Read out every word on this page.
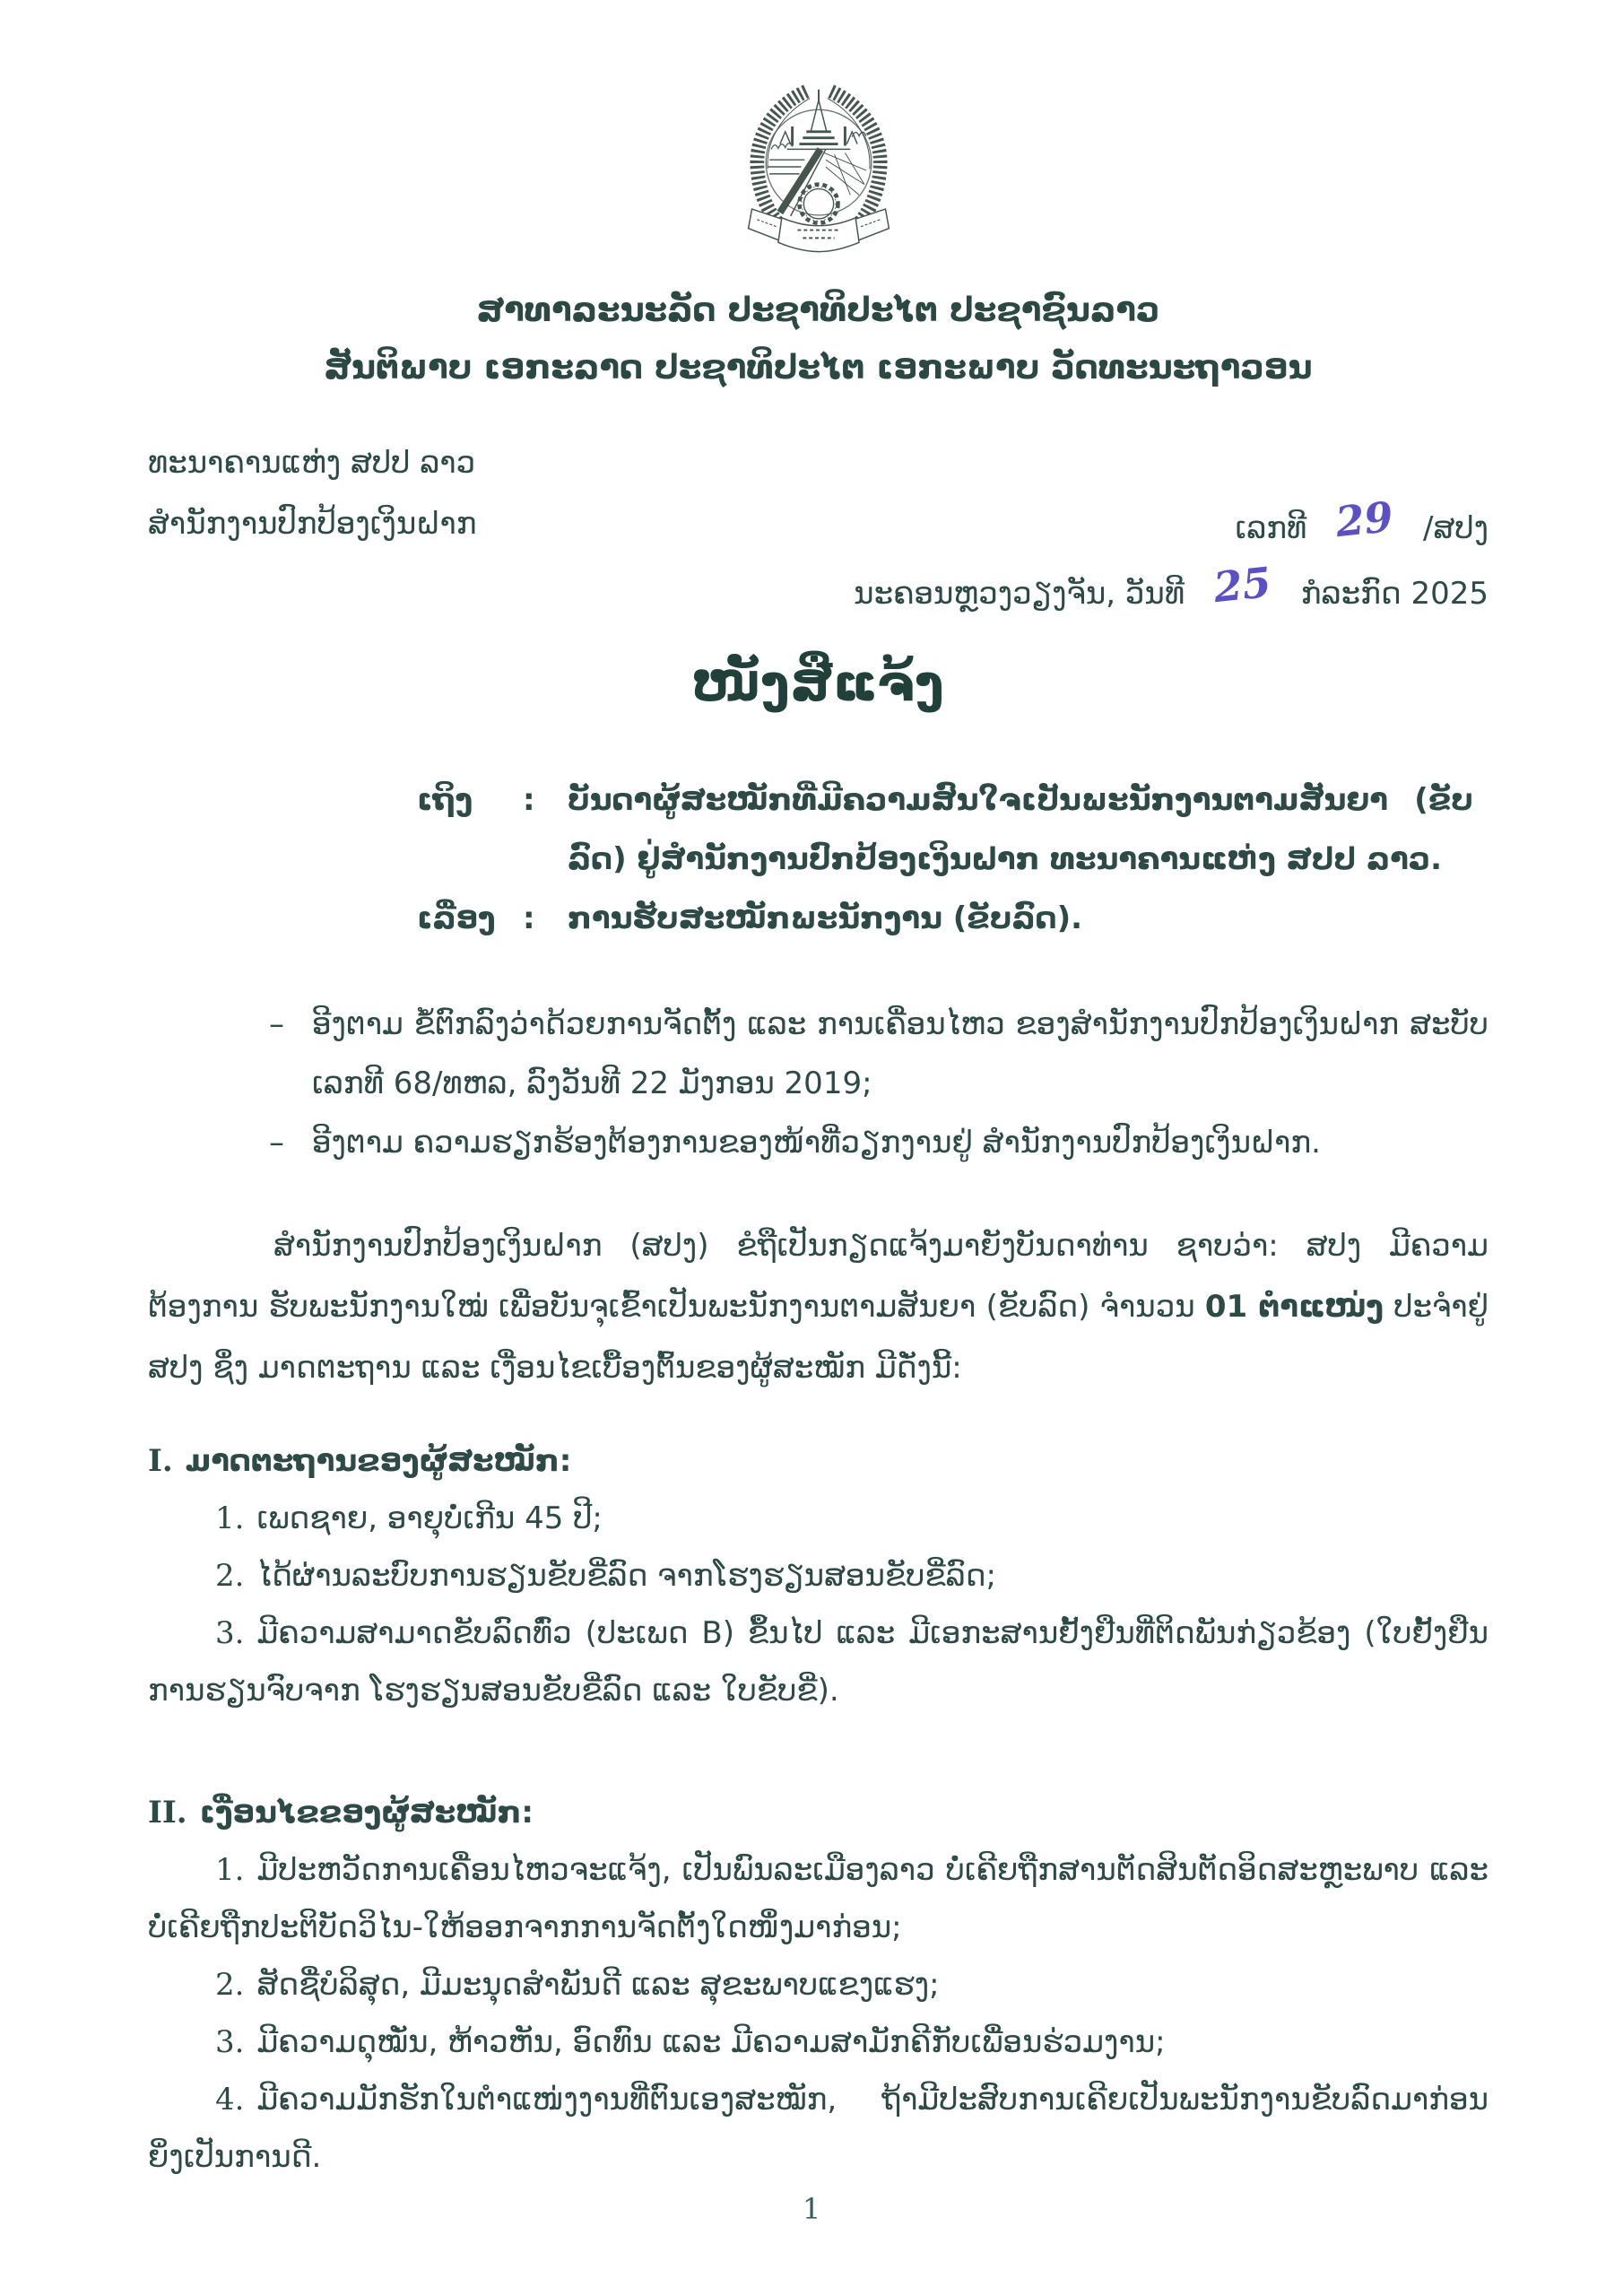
ສາທາລະນະລັດ ປະຊາທິປະໄຕ ປະຊາຊົນລາວ
ສັນຕິພາບ ເອກະລາດ ປະຊາທິປະໄຕ ເອກະພາບ ວັດທະນະຖາວອນ
ທະນາຄານແຫ່ງ ສປປ ລາວ
ສຳນັກງານປົກປ້ອງເງິນຝາກ	ເລກທີ 29 /ສປງ
ນະຄອນຫຼວງວຽງຈັນ, ວັນທີ 25 ກໍລະກົດ 2025
ໜັງສືແຈ້ງ
ເຖິງ	:	ບັນດາຜູ້ສະໝັກທີ່ມີຄວາມສົນໃຈເປັນພະນັກງານຕາມສັນຍາ (ຂັບລົດ) ຢູ່ສຳນັກງານປົກປ້ອງເງິນຝາກ ທະນາຄານແຫ່ງ ສປປ ລາວ.
ເລື່ອງ :	ການຮັບສະໝັກພະນັກງານ (ຂັບລົດ).
– ອີງຕາມ ຂໍ້ຕົກລົງວ່າດ້ວຍການຈັດຕັ້ງ ແລະ ການເຄື່ອນໄຫວ ຂອງສຳນັກງານປົກປ້ອງເງິນຝາກ ສະບັບເລກທີ 68/ທຫລ, ລົງວັນທີ 22 ມັງກອນ 2019;
– ອີງຕາມ ຄວາມຮຽກຮ້ອງຕ້ອງການຂອງໜ້າທີ່ວຽກງານຢູ່ ສຳນັກງານປົກປ້ອງເງິນຝາກ.

ສຳນັກງານປົກປ້ອງເງິນຝາກ (ສປງ) ຂໍຖືເປັນກຽດແຈ້ງມາຍັງບັນດາທ່ານ ຊາບວ່າ: ສປງ ມີຄວາມຕ້ອງການ ຮັບພະນັກງານໃໝ່ ເພື່ອບັນຈຸເຂົ້າເປັນພະນັກງານຕາມສັນຍາ (ຂັບລົດ) ຈຳນວນ 01 ຕຳແໜ່ງ ປະຈຳຢູ່ ສປງ ຊຶ່ງ ມາດຕະຖານ ແລະ ເງື່ອນໄຂເບື້ອງຕົ້ນຂອງຜູ້ສະໝັກ ມີດັ່ງນີ້:

I. ມາດຕະຖານຂອງຜູ້ສະໝັກ:

1. ເພດຊາຍ, ອາຍຸບໍ່ເກີນ 45 ປີ;

2. ໄດ້ຜ່ານລະບົບການຮຽນຂັບຂີ່ລົດ ຈາກໂຮງຮຽນສອນຂັບຂີ່ລົດ;

3. ມີຄວາມສາມາດຂັບລົດທົ່ວ (ປະເພດ B) ຂຶ້ນໄປ ແລະ ມີເອກະສານຢັ້ງຢືນທີ່ຕິດພັນກ່ຽວຂ້ອງ (ໃບຢັ້ງຢືນການຮຽນຈົບຈາກ ໂຮງຮຽນສອນຂັບຂີ່ລົດ ແລະ ໃບຂັບຂີ່).

II. ເງື່ອນໄຂຂອງຜູ້ສະໝັກ:

1. ມີປະຫວັດການເຄື່ອນໄຫວຈະແຈ້ງ, ເປັນພົນລະເມືອງລາວ ບໍ່ເຄີຍຖືກສານຕັດສິນຕັດອິດສະຫຼະພາບ ແລະ ບໍ່ເຄີຍຖືກປະຕິບັດວິໄນ-ໃຫ້ອອກຈາກການຈັດຕັ້ງໃດໜຶ່ງມາກ່ອນ;

2. ສັດຊື່ບໍລິສຸດ, ມີມະນຸດສຳພັນດີ ແລະ ສຸຂະພາບແຂງແຮງ;

3. ມີຄວາມດຸໝັ່ນ, ຫ້າວຫັນ, ອົດທົນ ແລະ ມີຄວາມສາມັກຄີກັບເພື່ອນຮ່ວມງານ;

4. ມີຄວາມມັກຮັກໃນຕຳແໜ່ງງານທີ່ຕົນເອງສະໝັກ, ຖ້າມີປະສົບການເຄີຍເປັນພະນັກງານຂັບລົດມາກ່ອນ ຍິ່ງເປັນການດີ.

1
